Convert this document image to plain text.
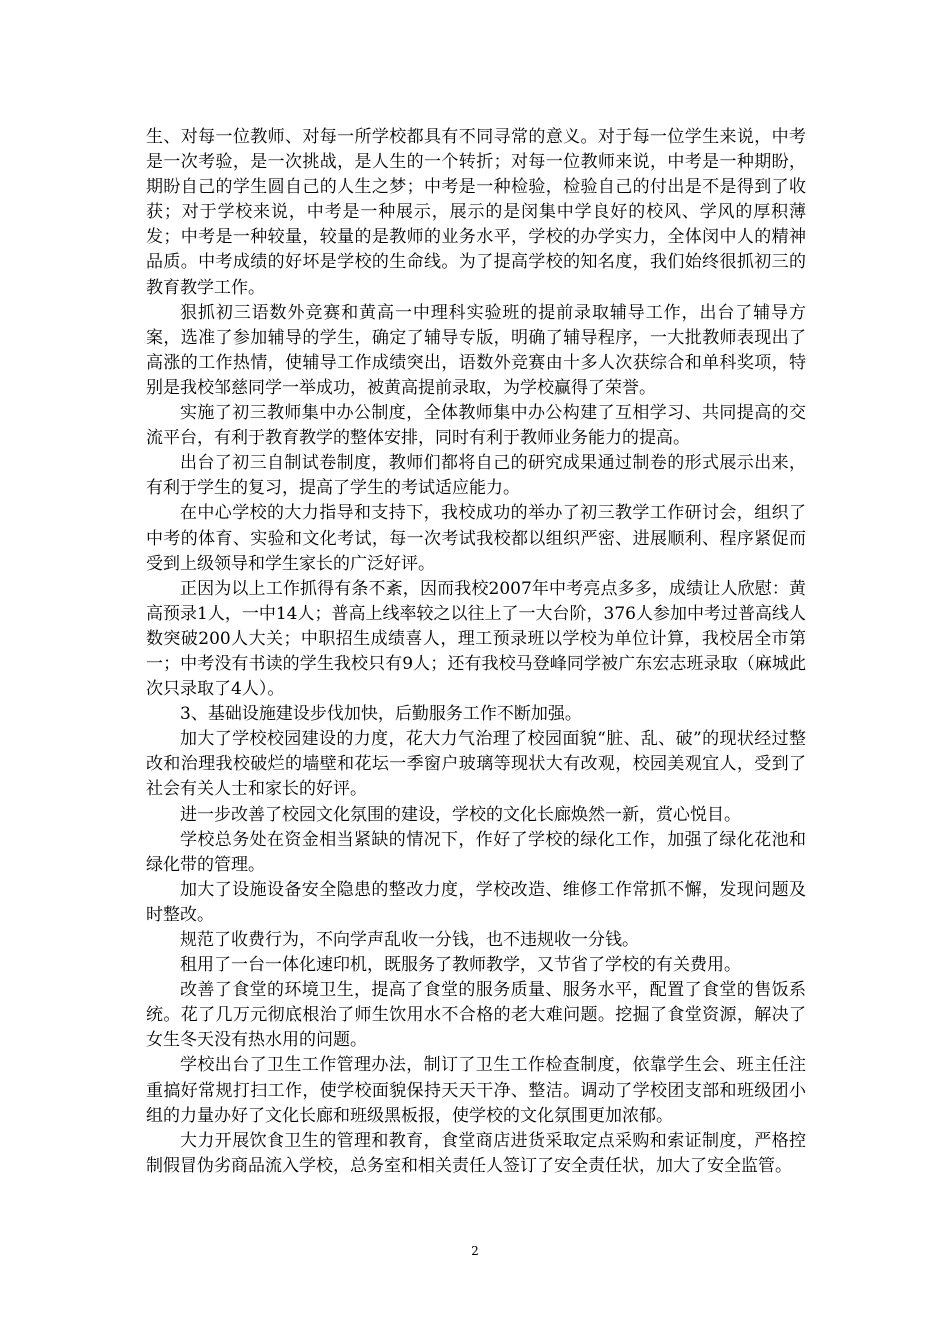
生、对每一位教师、对每一所学校都具有不同寻常的意义。对于每一位学生来说，中考是一次考验，是一次挑战，是人生的一个转折；对每一位教师来说，中考是一种期盼，期盼自己的学生圆自己的人生之梦；中考是一种检验，检验自己的付出是不是得到了收获；对于学校来说，中考是一种展示，展示的是闵集中学良好的校风、学风的厚积薄发；中考是一种较量，较量的是教师的业务水平，学校的办学实力，全体闵中人的精神品质。中考成绩的好坏是学校的生命线。为了提高学校的知名度，我们始终很抓初三的教育教学工作。

狠抓初三语数外竞赛和黄高一中理科实验班的提前录取辅导工作，出台了辅导方案，选准了参加辅导的学生，确定了辅导专版，明确了辅导程序，一大批教师表现出了高涨的工作热情，使辅导工作成绩突出，语数外竞赛由十多人次获综合和单科奖项，特别是我校邹慈同学一举成功，被黄高提前录取，为学校赢得了荣誉。

实施了初三教师集中办公制度，全体教师集中办公构建了互相学习、共同提高的交流平台，有利于教育教学的整体安排，同时有利于教师业务能力的提高。

出台了初三自制试卷制度，教师们都将自己的研究成果通过制卷的形式展示出来，有利于学生的复习，提高了学生的考试适应能力。

在中心学校的大力指导和支持下，我校成功的举办了初三教学工作研讨会，组织了中考的体育、实验和文化考试，每一次考试我校都以组织严密、进展顺利、程序紧促而受到上级领导和学生家长的广泛好评。

正因为以上工作抓得有条不紊，因而我校2007年中考亮点多多，成绩让人欣慰：黄高预录1人，一中14人；普高上线率较之以往上了一大台阶，376人参加中考过普高线人数突破200人大关；中职招生成绩喜人，理工预录班以学校为单位计算，我校居全市第一；中考没有书读的学生我校只有9人；还有我校马登峰同学被广东宏志班录取（麻城此次只录取了4人）。

3、基础设施建设步伐加快，后勤服务工作不断加强。

加大了学校校园建设的力度，花大力气治理了校园面貌“脏、乱、破”的现状经过整改和治理我校破烂的墙壁和花坛一季窗户玻璃等现状大有改观，校园美观宜人，受到了社会有关人士和家长的好评。

进一步改善了校园文化氛围的建设，学校的文化长廊焕然一新，赏心悦目。

学校总务处在资金相当紧缺的情况下，作好了学校的绿化工作，加强了绿化花池和绿化带的管理。

加大了设施设备安全隐患的整改力度，学校改造、维修工作常抓不懈，发现问题及时整改。

规范了收费行为，不向学声乱收一分钱，也不违规收一分钱。

租用了一台一体化速印机，既服务了教师教学，又节省了学校的有关费用。

改善了食堂的环境卫生，提高了食堂的服务质量、服务水平，配置了食堂的售饭系统。花了几万元彻底根治了师生饮用水不合格的老大难问题。挖掘了食堂资源，解决了女生冬天没有热水用的问题。

学校出台了卫生工作管理办法，制订了卫生工作检查制度，依靠学生会、班主任注重搞好常规打扫工作，使学校面貌保持天天干净、整洁。调动了学校团支部和班级团小组的力量办好了文化长廊和班级黑板报，使学校的文化氛围更加浓郁。

大力开展饮食卫生的管理和教育，食堂商店进货采取定点采购和索证制度，严格控制假冒伪劣商品流入学校，总务室和相关责任人签订了安全责任状，加大了安全监管。

2
